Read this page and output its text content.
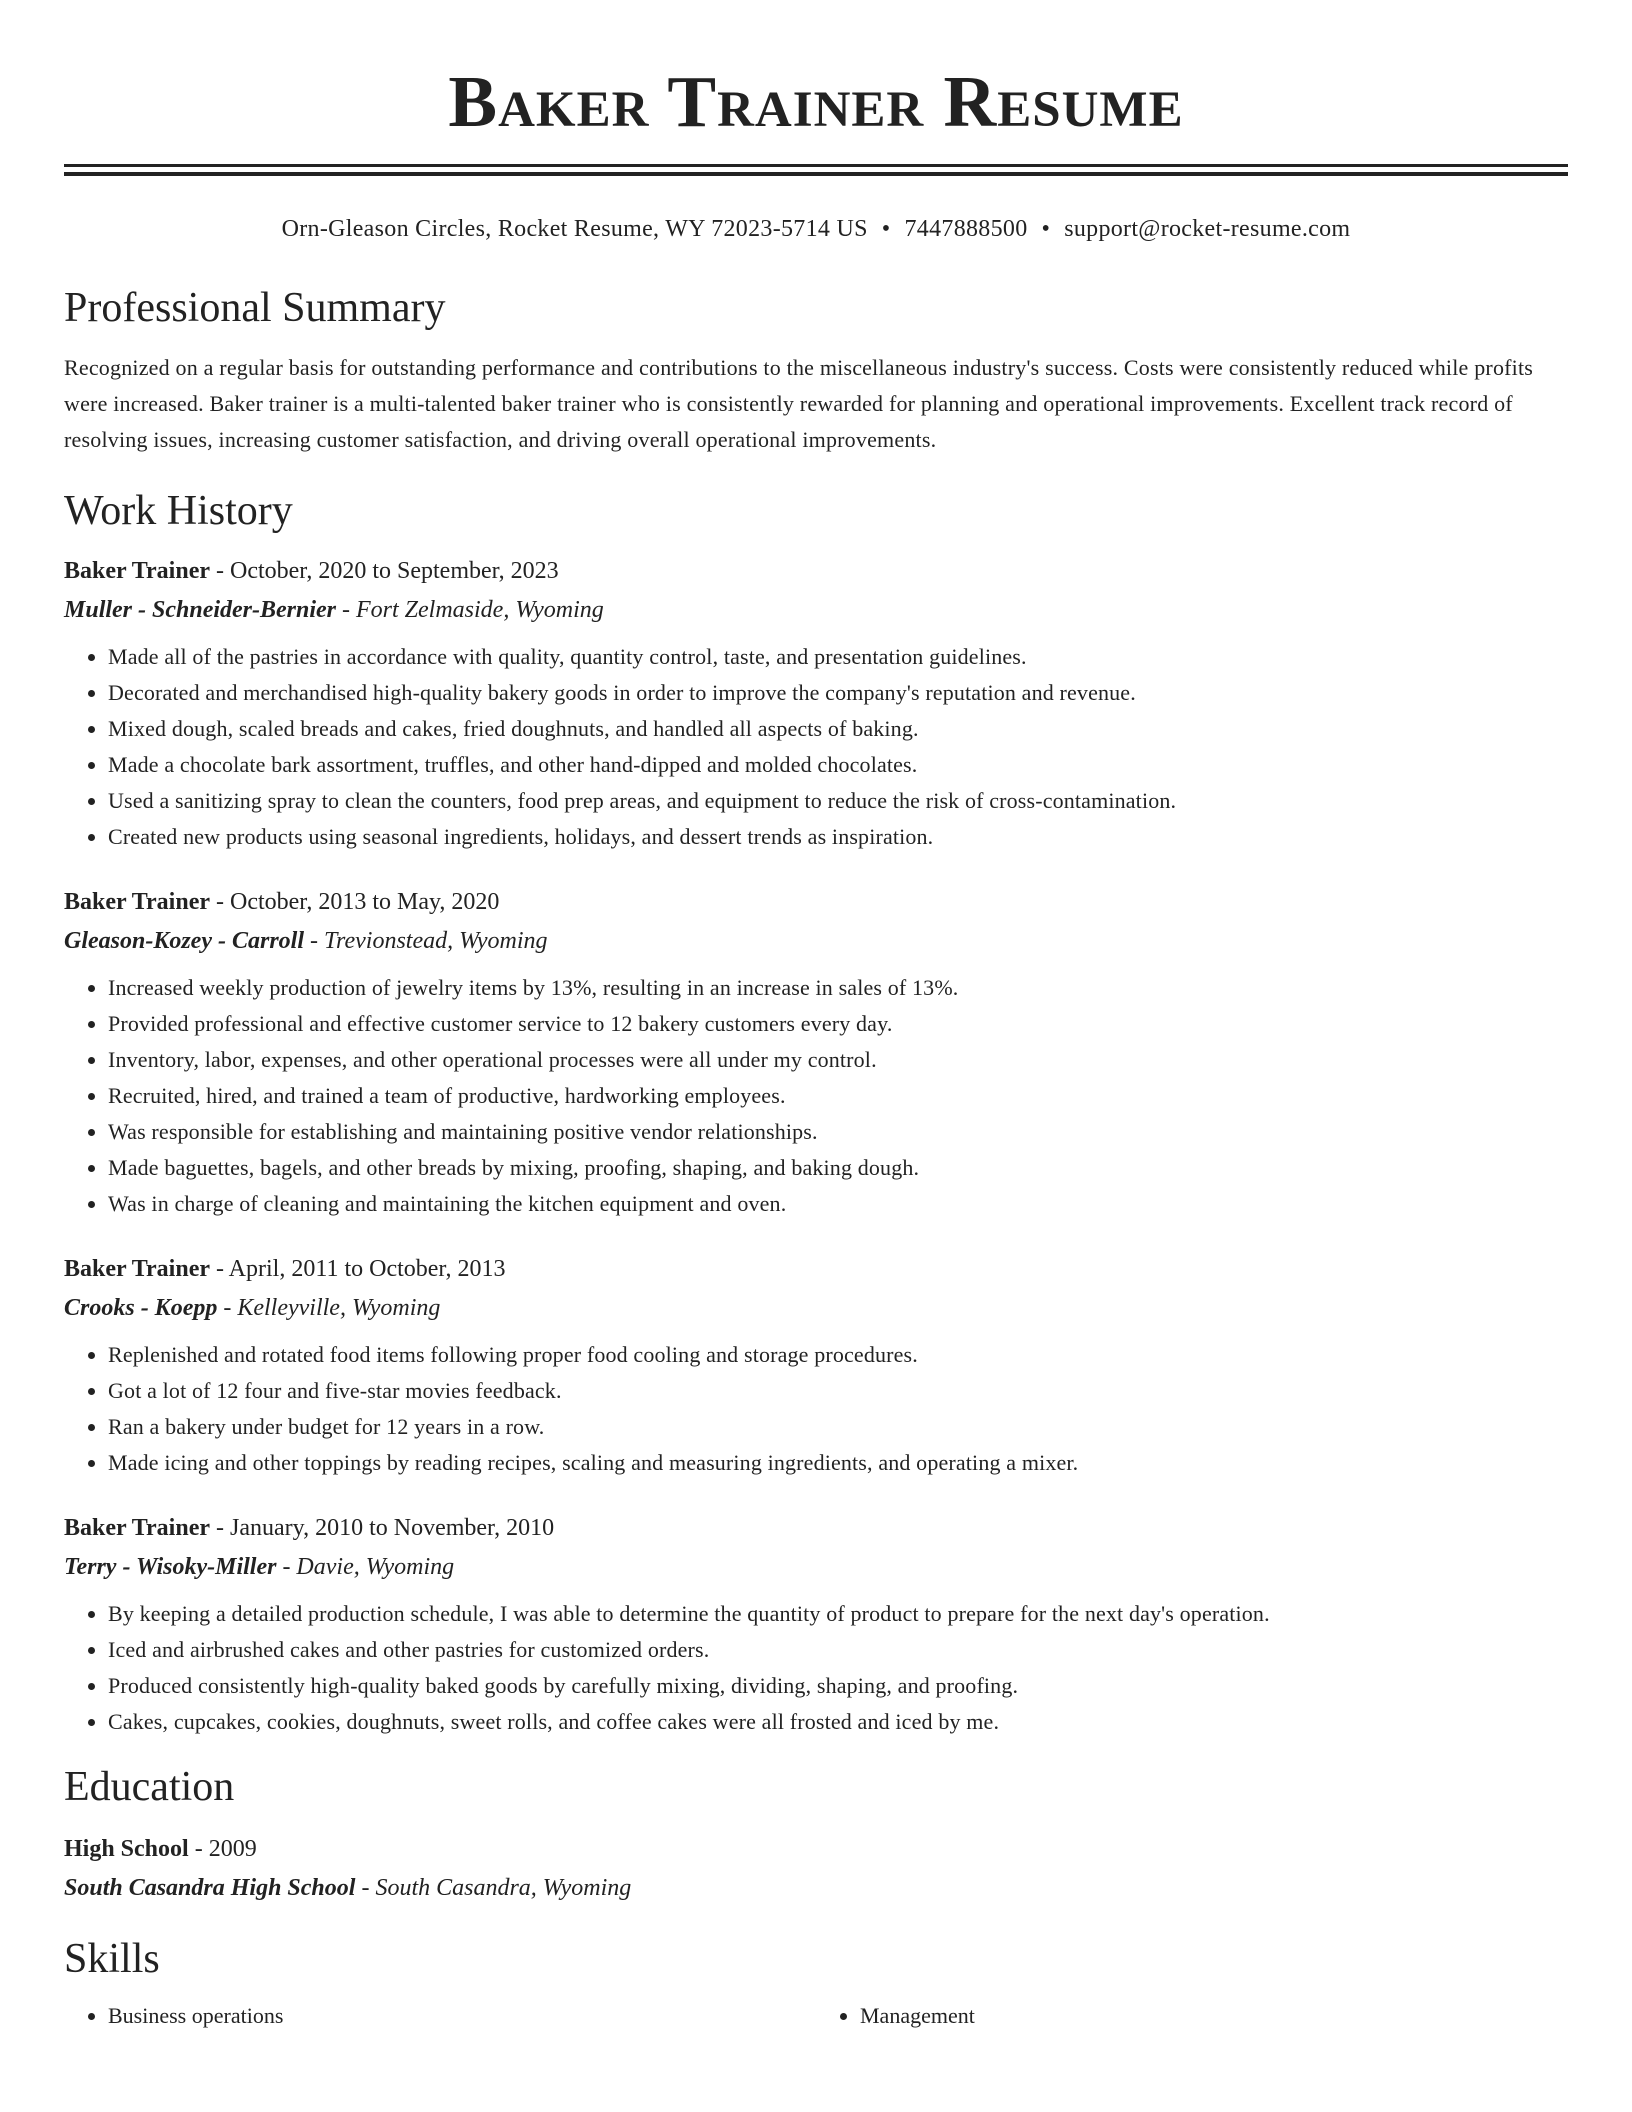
Baker Trainer Resume
Orn-Gleason Circles, Rocket Resume, WY 72023-5714 US • 7447888500 • support@rocket-resume.com
Professional Summary

Recognized on a regular basis for outstanding performance and contributions to the miscellaneous industry's success. Costs were consistently reduced while profits were increased. Baker trainer is a multi-talented baker trainer who is consistently rewarded for planning and operational improvements. Excellent track record of resolving issues, increasing customer satisfaction, and driving overall operational improvements.

Work History
Baker Trainer - October, 2020 to September, 2023
Muller - Schneider-Bernier - Fort Zelmaside, Wyoming
• Made all of the pastries in accordance with quality, quantity control, taste, and presentation guidelines.
• Decorated and merchandised high-quality bakery goods in order to improve the company's reputation and revenue.
• Mixed dough, scaled breads and cakes, fried doughnuts, and handled all aspects of baking.
• Made a chocolate bark assortment, truffles, and other hand-dipped and molded chocolates.
• Used a sanitizing spray to clean the counters, food prep areas, and equipment to reduce the risk of cross-contamination.
• Created new products using seasonal ingredients, holidays, and dessert trends as inspiration.
Baker Trainer - October, 2013 to May, 2020
Gleason-Kozey - Carroll - Trevionstead, Wyoming
• Increased weekly production of jewelry items by 13%, resulting in an increase in sales of 13%.
• Provided professional and effective customer service to 12 bakery customers every day.
• Inventory, labor, expenses, and other operational processes were all under my control.
• Recruited, hired, and trained a team of productive, hardworking employees.
• Was responsible for establishing and maintaining positive vendor relationships.
• Made baguettes, bagels, and other breads by mixing, proofing, shaping, and baking dough.
• Was in charge of cleaning and maintaining the kitchen equipment and oven.
Baker Trainer - April, 2011 to October, 2013
Crooks - Koepp - Kelleyville, Wyoming
• Replenished and rotated food items following proper food cooling and storage procedures.
• Got a lot of 12 four and five-star movies feedback.
• Ran a bakery under budget for 12 years in a row.
• Made icing and other toppings by reading recipes, scaling and measuring ingredients, and operating a mixer.
Baker Trainer - January, 2010 to November, 2010
Terry - Wisoky-Miller - Davie, Wyoming
• By keeping a detailed production schedule, I was able to determine the quantity of product to prepare for the next day's operation.
• Iced and airbrushed cakes and other pastries for customized orders.
• Produced consistently high-quality baked goods by carefully mixing, dividing, shaping, and proofing.
• Cakes, cupcakes, cookies, doughnuts, sweet rolls, and coffee cakes were all frosted and iced by me.
Education
High School - 2009
South Casandra High School - South Casandra, Wyoming
Skills
• Business operations
•	Management
